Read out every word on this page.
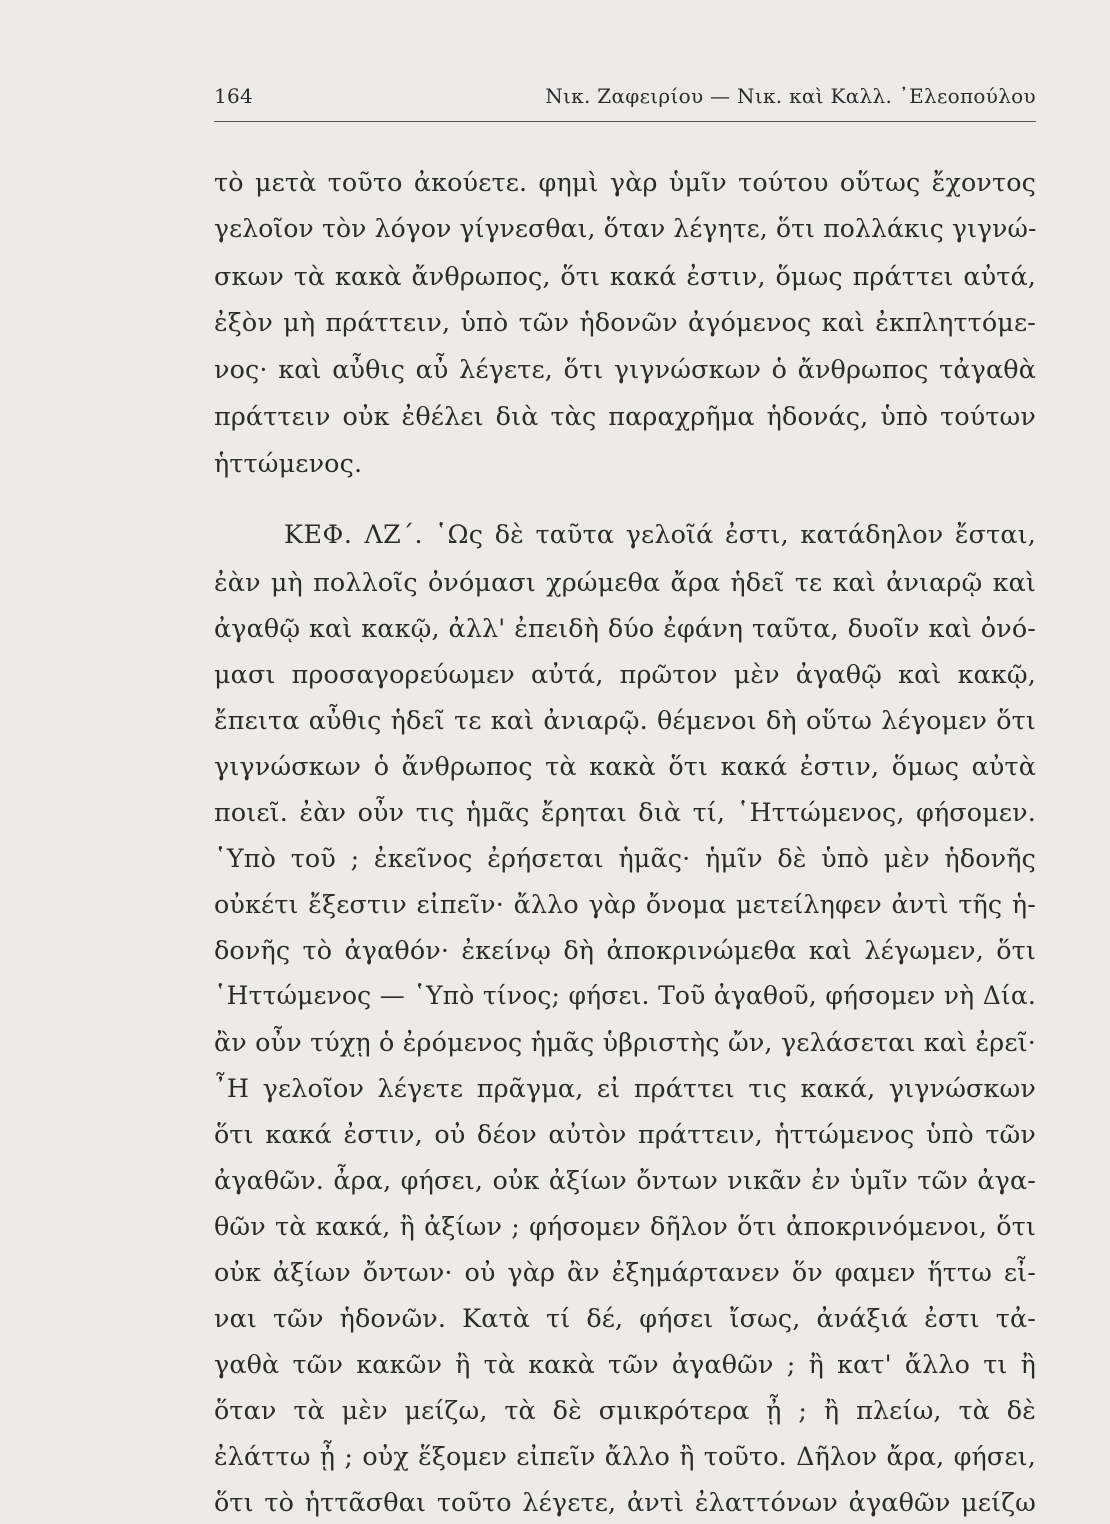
164	Νικ. Ζαφειρίου — Νικ. καὶ Καλλ. ᾿Ελεοπούλου
τὸ μετὰ τοῦτο ἀκούετε. φημὶ γὰρ ὑμῖν τούτου οὕτως ἔχοντος
γελοῖον τὸν λόγον γίγνεσθαι, ὅταν λέγητε, ὅτι πολλάκις γιγνώ-
σκων τὰ κακὰ ἄνθρωπος, ὅτι κακά ἐστιν, ὅμως πράττει αὐτά,
ἐξὸν μὴ πράττειν, ὑπὸ τῶν ἡδονῶν ἀγόμενος καὶ ἐκπληττόμε-
νος· καὶ αὖθις αὖ λέγετε, ὅτι γιγνώσκων ὁ ἄνθρωπος τἀγαθὰ
πράττειν οὐκ ἐθέλει διὰ τὰς παραχρῆμα ἡδονάς, ὑπὸ τούτων
ἡττώμενος.
ΚΕΦ. ΛΖ΄. ῾Ως δὲ ταῦτα γελοῖά ἐστι, κατάδηλον ἔσται,
ἐὰν μὴ πολλοῖς ὀνόμασι χρώμεθα ἄρα ἡδεῖ τε καὶ ἀνιαρῷ καὶ
ἀγαθῷ καὶ κακῷ, ἀλλ' ἐπειδὴ δύο ἐφάνη ταῦτα, δυοῖν καὶ ὀνό-
μασι προσαγορεύωμεν αὐτά, πρῶτον μὲν ἀγαθῷ καὶ κακῷ,
ἔπειτα αὖθις ἡδεῖ τε καὶ ἀνιαρῷ. θέμενοι δὴ οὕτω λέγομεν ὅτι
γιγνώσκων ὁ ἄνθρωπος τὰ κακὰ ὅτι κακά ἐστιν, ὅμως αὐτὰ
ποιεῖ. ἐὰν οὖν τις ἡμᾶς ἔρηται διὰ τί, ῾Ηττώμενος, φήσομεν.
῾Υπὸ τοῦ ; ἐκεῖνος ἐρήσεται ἡμᾶς· ἡμῖν δὲ ὑπὸ μὲν ἡδονῆς
οὐκέτι ἔξεστιν εἰπεῖν· ἄλλο γὰρ ὄνομα μετείληφεν ἀντὶ τῆς ἡ-
δονῆς τὸ ἀγαθόν· ἐκείνῳ δὴ ἀποκρινώμεθα καὶ λέγωμεν, ὅτι
῾Ηττώμενος — ῾Υπὸ τίνος; φήσει. Τοῦ ἀγαθοῦ, φήσομεν νὴ Δία.
ἂν οὖν τύχῃ ὁ ἐρόμενος ἡμᾶς ὑβριστὴς ὤν, γελάσεται καὶ ἐρεῖ·
῏Η γελοῖον λέγετε πρᾶγμα, εἰ πράττει τις κακά, γιγνώσκων
ὅτι κακά ἐστιν, οὐ δέον αὐτὸν πράττειν, ἡττώμενος ὑπὸ τῶν
ἀγαθῶν. ἆρα, φήσει, οὐκ ἀξίων ὄντων νικᾶν ἐν ὑμῖν τῶν ἀγα-
θῶν τὰ κακά, ἢ ἀξίων ; φήσομεν δῆλον ὅτι ἀποκρινόμενοι, ὅτι
οὐκ ἀξίων ὄντων· οὐ γὰρ ἂν ἐξημάρτανεν ὅν φαμεν ἥττω εἶ-
ναι τῶν ἡδονῶν. Κατὰ τί δέ, φήσει ἴσως, ἀνάξιά ἐστι τἀ-
γαθὰ τῶν κακῶν ἢ τὰ κακὰ τῶν ἀγαθῶν ; ἢ κατ' ἄλλο τι ἢ
ὅταν τὰ μὲν μείζω, τὰ δὲ σμικρότερα ᾖ ; ἢ πλείω, τὰ δὲ
ἐλάττω ᾖ ; οὐχ ἕξομεν εἰπεῖν ἄλλο ἢ τοῦτο. Δῆλον ἄρα, φήσει,
ὅτι τὸ ἡττᾶσθαι τοῦτο λέγετε, ἀντὶ ἐλαττόνων ἀγαθῶν μείζω
